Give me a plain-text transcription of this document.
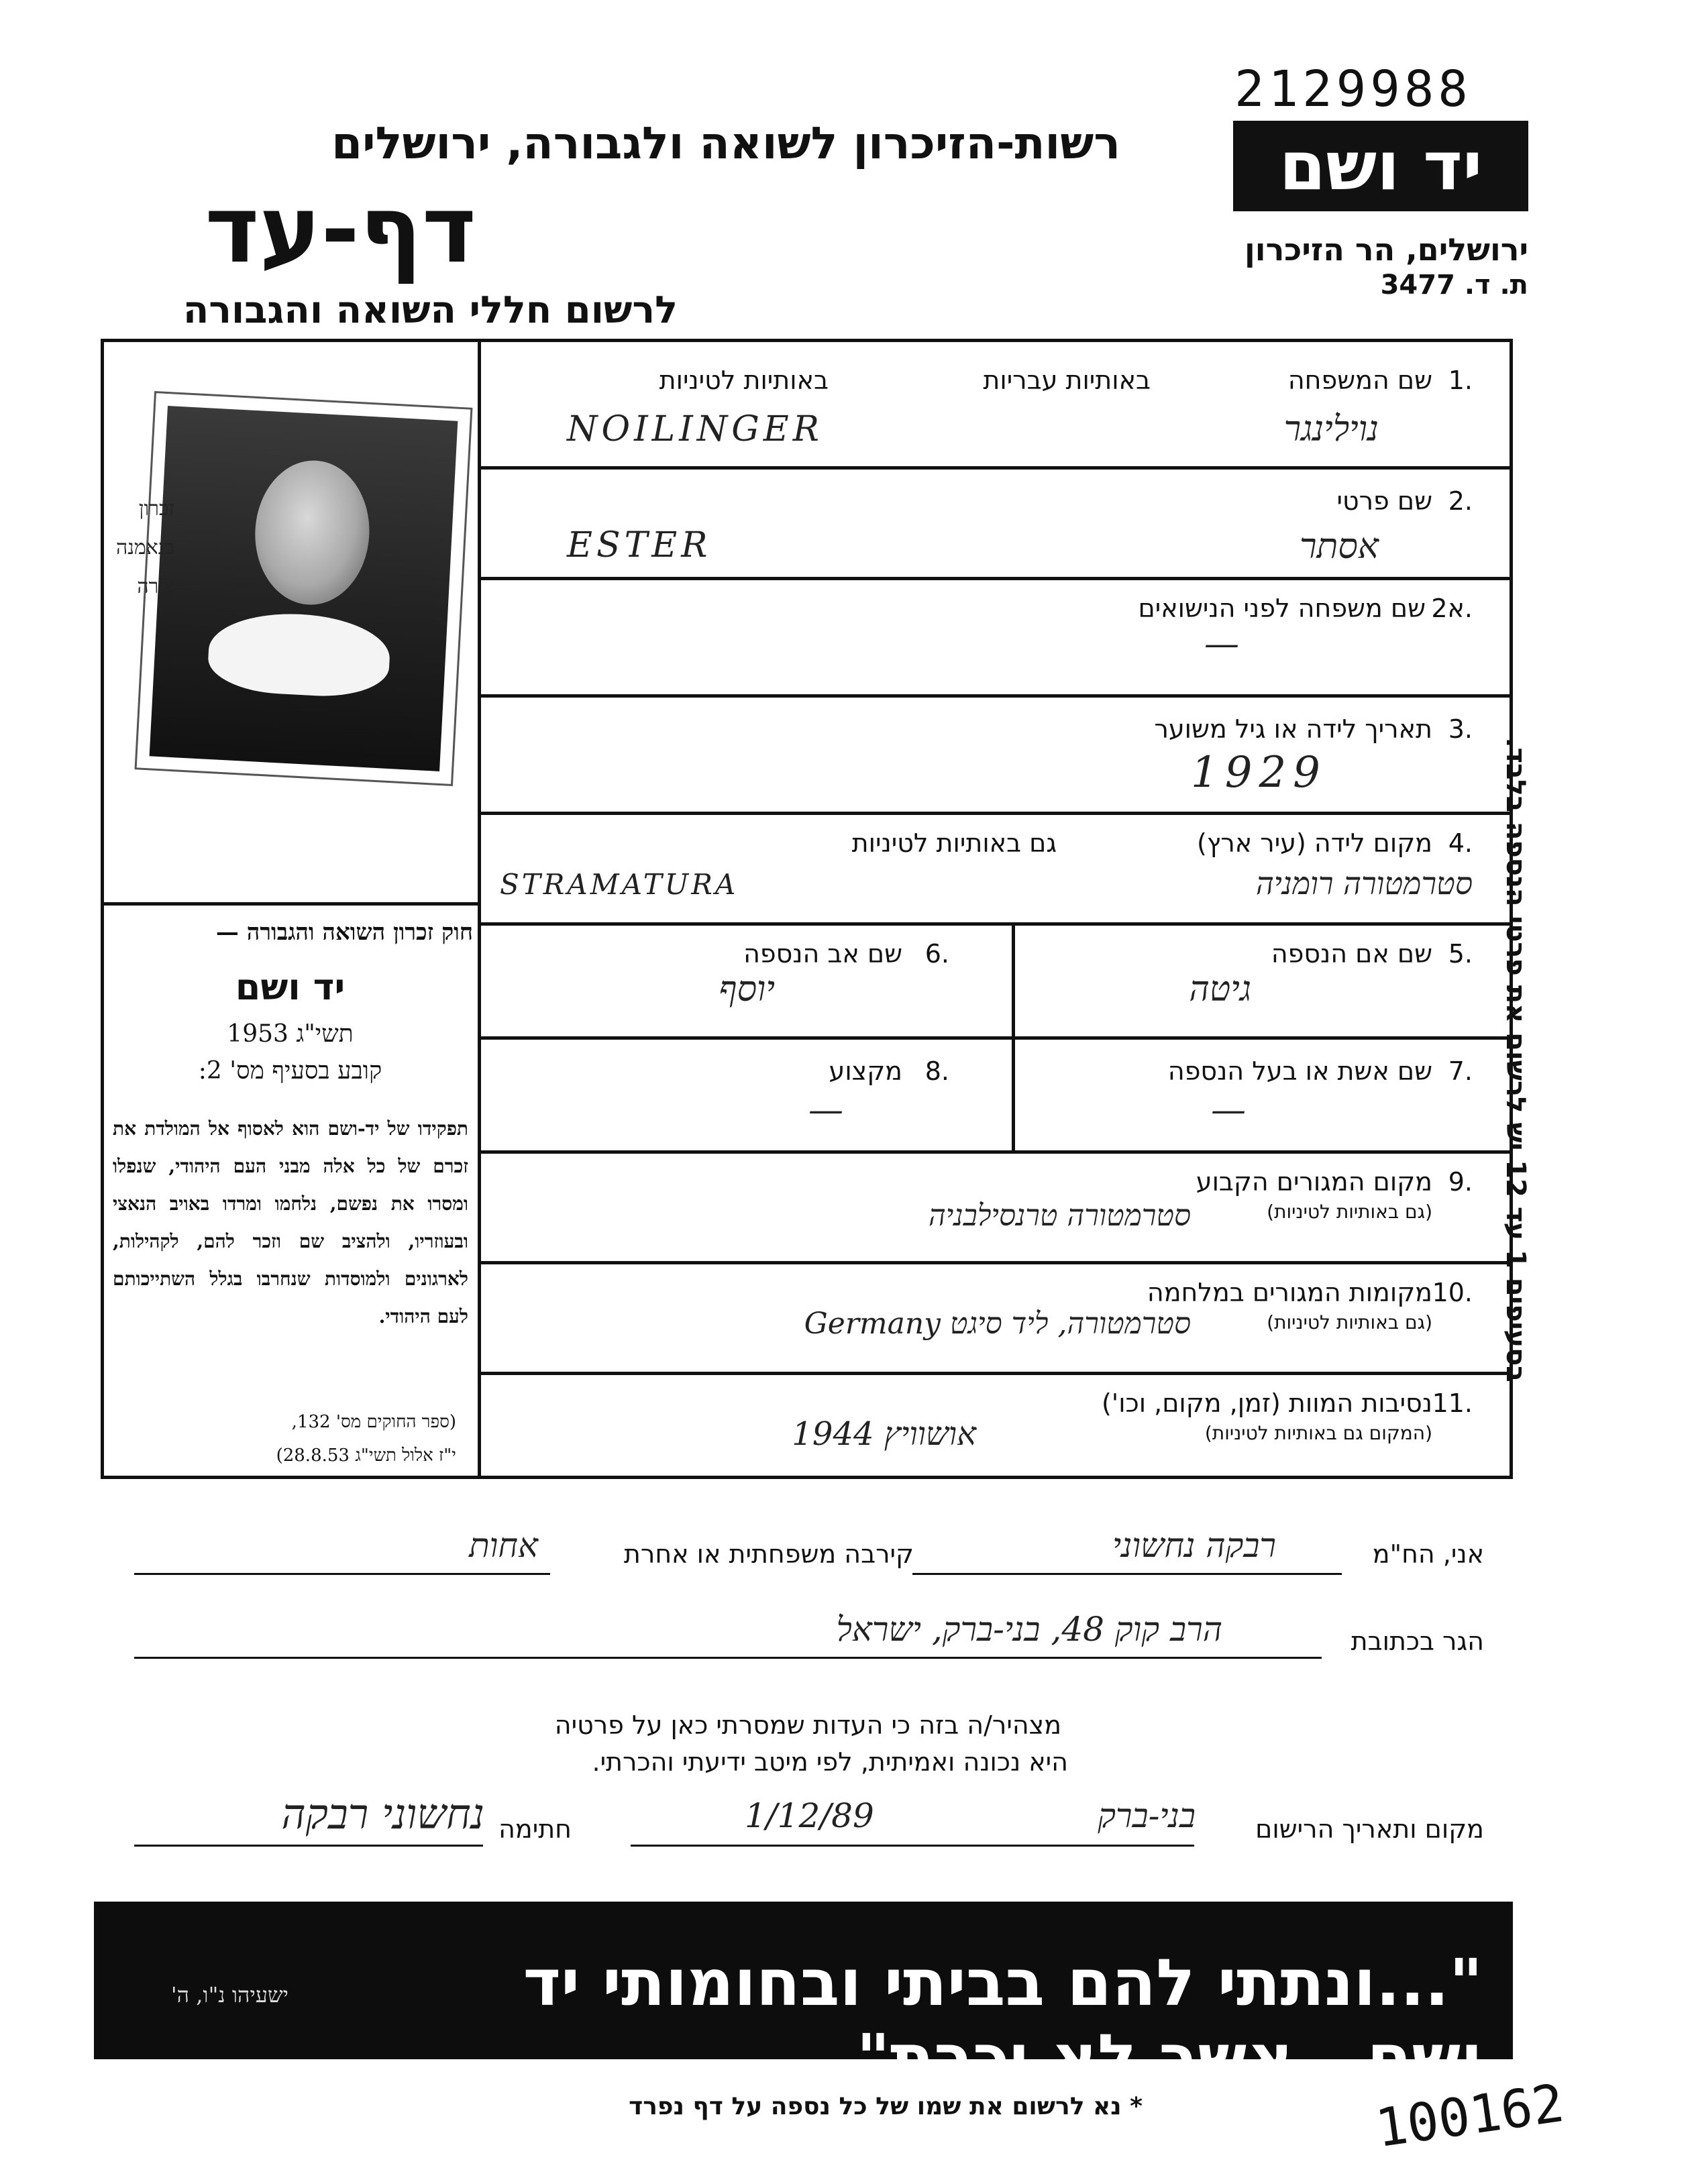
2129988
יד ושם
ירושלים, הר הזיכרון
ת. ד. 3477
רשות-הזיכרון לשואה ולגבורה, ירושלים
דף-עד
לרשום חללי השואה והגבורה
זכרון
בנאמנה
צירה
חוק זכרון השואה והגבורה —
יד ושם
תשי"ג 1953
קובע בסעיף מס' 2:
תפקידו של יד-ושם הוא לאסוף אל המולדת את זכרם של כל אלה מבני העם היהודי, שנפלו ומסרו את נפשם, נלחמו ומרדו באויב הנאצי ובעוזריו, ולהציב שם וזכר להם, לקהילות, לארגונים ולמוסדות שנחרבו בגלל השתייכותם לעם היהודי.
(ספר החוקים מס' 132,
י"ז אלול תשי"ג 28.8.53)
1.
שם המשפחה
באותיות עבריות
באותיות לטיניות
נוילינגר
NOILINGER
2.
שם פרטי
אסתר
ESTER
2א.
שם משפחה לפני הנישואים
—
3.
תאריך לידה או גיל משוער
1929
4.
מקום לידה (עיר ארץ)
גם באותיות לטיניות
סטרמטורה רומניה
STRAMATURA
5.
שם אם הנספה
גיטה
6.
שם אב הנספה
יוסף
7.
שם אשת או בעל הנספה
—
8.
מקצוע
—
9.
מקום המגורים הקבוע
(גם באותיות לטיניות)
סטרמטורה טרנסילבניה
10.
מקומות המגורים במלחמה
(גם באותיות לטיניות)
סטרמטורה, ליד סיגט Germany
11.
נסיבות המוות (זמן, מקום, וכו')
(המקום גם באותיות לטיניות)
אושוויץ 1944
אני, הח"מ
רבקה נחשוני
קירבה משפחתית או אחרת
אחות
הגר בכתובת
הרב קוק 48, בני-ברק, ישראל
מצהיר/ה בזה כי העדות שמסרתי כאן על פרטיה
היא נכונה ואמיתית, לפי מיטב ידיעתי והכרתי.
מקום ותאריך הרישום
בני-ברק
1/12/89
חתימה
נחשוני רבקה
"...ונתתי להם בביתי ובחומותי יד ושם...אשר לא יכרת"
ישעיהו נ"ו, ה'
בסעיפים 1 עד 12 יש לרשום את פרטי הנספה בלבד.
* נא לרשום את שמו של כל נספה על דף נפרד	100162
